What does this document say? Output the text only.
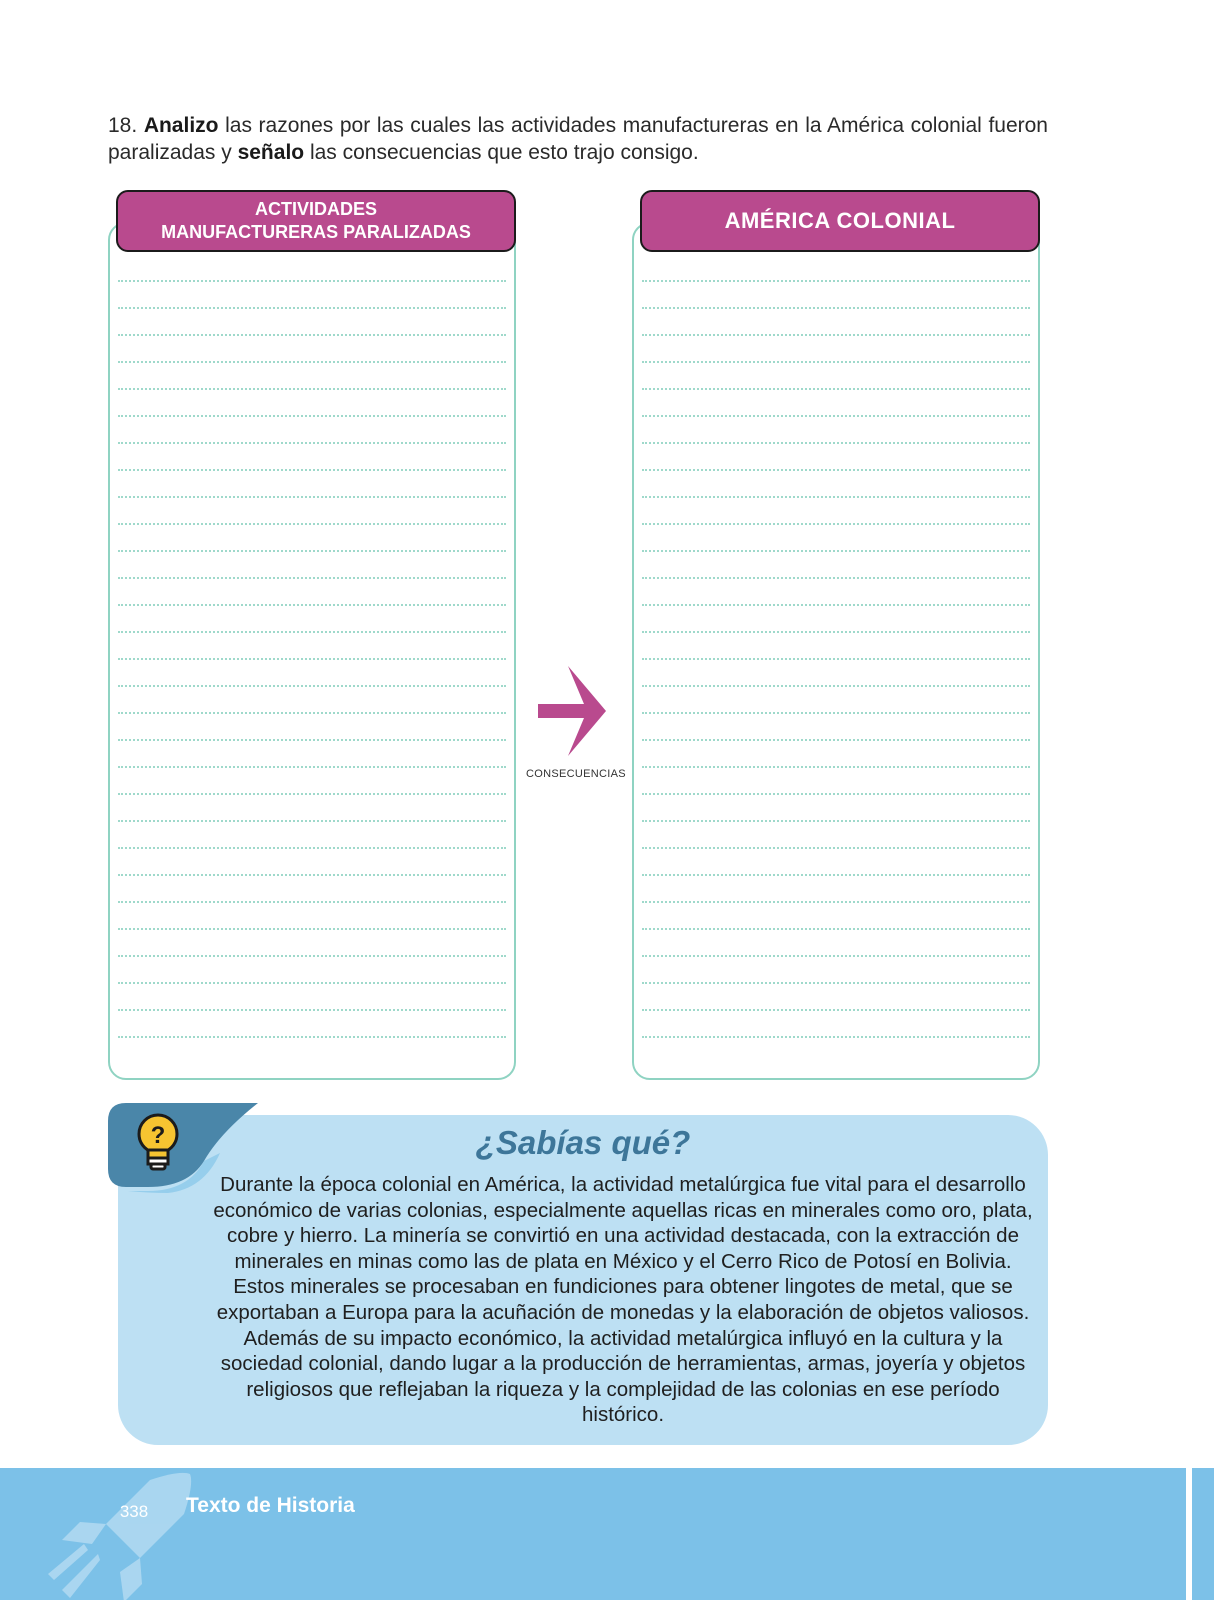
18. Analizo las razones por las cuales las actividades manufactureras en la América colonial fueron paralizadas y señalo las consecuencias que esto trajo consigo.
ACTIVIDADES
MANUFACTURERAS PARALIZADAS	AMÉRICA COLONIAL
CONSECUENCIAS
?	¿Sabías qué?
Durante la época colonial en América, la actividad metalúrgica fue vital para el desarrollo económico de varias colonias, especialmente aquellas ricas en minerales como oro, plata, cobre y hierro. La minería se convirtió en una actividad destacada, con la extracción de minerales en minas como las de plata en México y el Cerro Rico de Potosí en Bolivia. Estos minerales se procesaban en fundiciones para obtener lingotes de metal, que se exportaban a Europa para la acuñación de monedas y la elaboración de objetos valiosos. Además de su impacto económico, la actividad metalúrgica influyó en la cultura y la sociedad colonial, dando lugar a la producción de herramientas, armas, joyería y objetos religiosos que reflejaban la riqueza y la complejidad de las colonias en ese período histórico.
338	Texto de Historia
